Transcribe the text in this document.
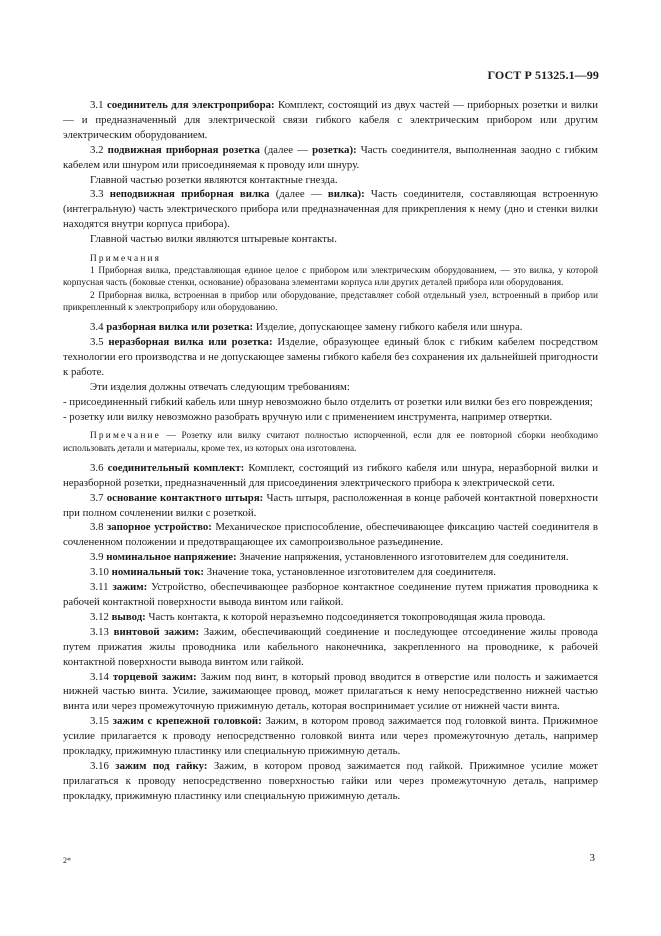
ГОСТ Р 51325.1—99

3.1 соединитель для электроприбора: Комплект, состоящий из двух частей — приборных розетки и вилки — и предназначенный для электрической связи гибкого кабеля с электрическим прибором или другим электрическим оборудованием.

3.2 подвижная приборная розетка (далее — розетка): Часть соединителя, выполненная заодно с гибким кабелем или шнуром или присоединяемая к проводу или шнуру.

Главной частью розетки являются контактные гнезда.

3.3 неподвижная приборная вилка (далее — вилка): Часть соединителя, составляющая встроенную (интегральную) часть электрического прибора или предназначенная для прикрепления к нему (дно и стенки вилки находятся внутри корпуса прибора).

Главной частью вилки являются штыревые контакты.

Примечания

1 Приборная вилка, представляющая единое целое с прибором или электрическим оборудованием, — это вилка, у которой корпусная часть (боковые стенки, основание) образована элементами корпуса или других деталей прибора или оборудования.

2 Приборная вилка, встроенная в прибор или оборудование, представляет собой отдельный узел, встроенный в прибор или прикрепленный к электроприбору или оборудованию.

3.4 разборная вилка или розетка: Изделие, допускающее замену гибкого кабеля или шнура.

3.5 неразборная вилка или розетка: Изделие, образующее единый блок с гибким кабелем посредством технологии его производства и не допускающее замены гибкого кабеля без сохранения их дальнейшей пригодности к работе.

Эти изделия должны отвечать следующим требованиям:

- присоединенный гибкий кабель или шнур невозможно было отделить от розетки или вилки без его повреждения;

- розетку или вилку невозможно разобрать вручную или с применением инструмента, например отвертки.

Примечание — Розетку или вилку считают полностью испорченной, если для ее повторной сборки необходимо использовать детали и материалы, кроме тех, из которых она изготовлена.

3.6 соединительный комплект: Комплект, состоящий из гибкого кабеля или шнура, неразборной вилки и неразборной розетки, предназначенный для присоединения электрического прибора к электрической сети.

3.7 основание контактного штыря: Часть штыря, расположенная в конце рабочей контактной поверхности при полном сочленении вилки с розеткой.

3.8 запорное устройство: Механическое приспособление, обеспечивающее фиксацию частей соединителя в сочлененном положении и предотвращающее их самопроизвольное разъединение.

3.9 номинальное напряжение: Значение напряжения, установленного изготовителем для соединителя.

3.10 номинальный ток: Значение тока, установленное изготовителем для соединителя.

3.11 зажим: Устройство, обеспечивающее разборное контактное соединение путем прижатия проводника к рабочей контактной поверхности вывода винтом или гайкой.

3.12 вывод: Часть контакта, к которой неразъемно подсоединяется токопроводящая жила провода.

3.13 винтовой зажим: Зажим, обеспечивающий соединение и последующее отсоединение жилы провода путем прижатия жилы проводника или кабельного наконечника, закрепленного на проводнике, к рабочей контактной поверхности вывода винтом или гайкой.

3.14 торцевой зажим: Зажим под винт, в который провод вводится в отверстие или полость и зажимается нижней частью винта. Усилие, зажимающее провод, может прилагаться к нему непосредственно нижней частью винта или через промежуточную прижимную деталь, которая воспринимает усилие от нижней части винта.

3.15 зажим с крепежной головкой: Зажим, в котором провод зажимается под головкой винта. Прижимное усилие прилагается к проводу непосредственно головкой винта или через промежуточную деталь, например прокладку, прижимную пластинку или специальную прижимную деталь.

3.16 зажим под гайку: Зажим, в котором провод зажимается под гайкой. Прижимное усилие может прилагаться к проводу непосредственно поверхностью гайки или через промежуточную деталь, например прокладку, прижимную пластинку или специальную прижимную деталь.

2*	3
